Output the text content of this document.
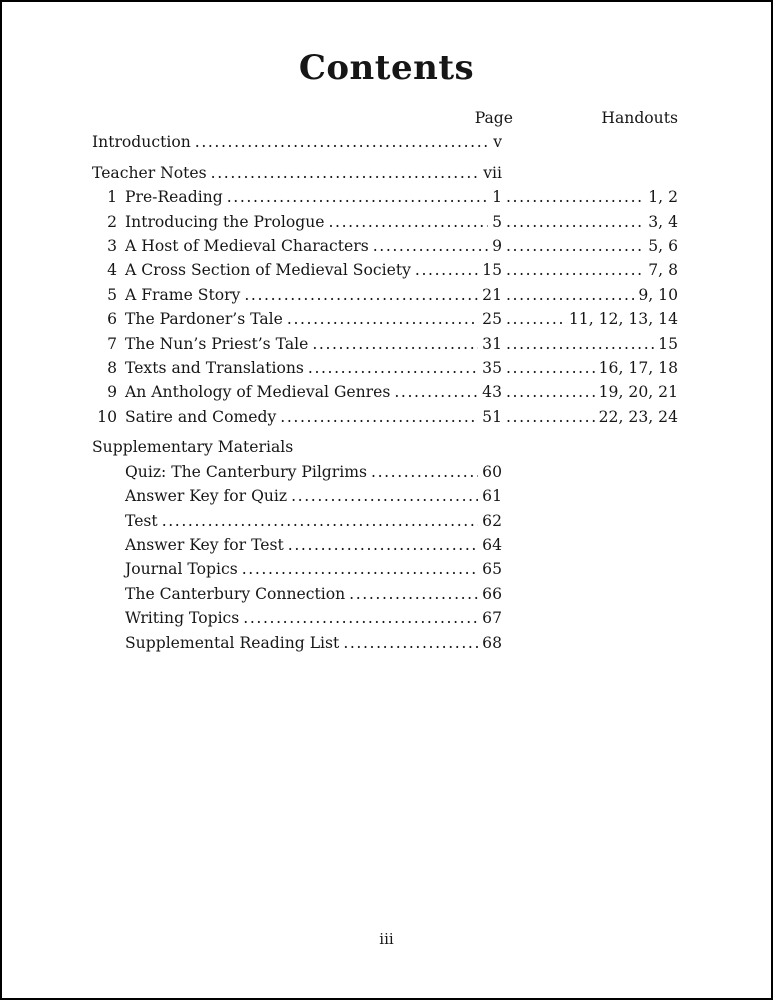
Contents
Page	Handouts
Introduction .....	v
Teacher Notes .....	vii
1 Pre-Reading .....	1 .....	1, 2
2 Introducing the Prologue .....	5 .....	3, 4
3 A Host of Medieval Characters .....	9 .....	5, 6
4 A Cross Section of Medieval Society .....	15 .....	7, 8
5 A Frame Story .....	21 .....	9, 10
6 The Pardoner’s Tale .....	25 .....	11, 12, 13, 14
7 The Nun’s Priest’s Tale .....	31 .....	15
8 Texts and Translations .....	35 .....	16, 17, 18
9 An Anthology of Medieval Genres .....	43 .....	19, 20, 21
10 Satire and Comedy .....	51 .....	22, 23, 24
Supplementary Materials
Quiz: The Canterbury Pilgrims .....	60
Answer Key for Quiz .....	61
Test .....	62
Answer Key for Test .....	64
Journal Topics .....	65
The Canterbury Connection .....	66
Writing Topics .....	67
Supplemental Reading List .....	68
iii
